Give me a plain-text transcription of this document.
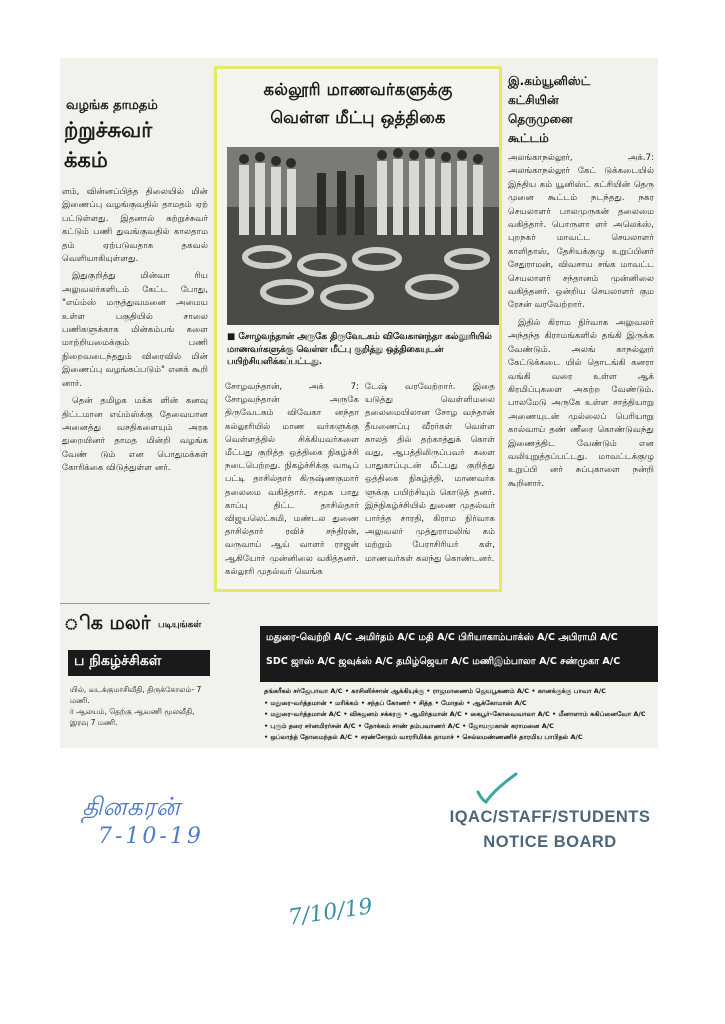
வழங்க தாமதம்
ற்றுச்சுவர்
க்கம்

ளம், வின்னப்பித்த திலையில் மின் இணைப்பு வழங்குவதில் தாமதம் ஏற் பட்டுள்ளது. இதனால் சுற்றுச்சுவர் கட்டும் பணி துவங்குவதில் காலதாம தம் ஏற்படுவதாக தகவல் வெளியாகியுள்ளது.

இதுகுறித்து மின்வா ரிய அலுவலர்களிடம் கேட்ட போது, "எய்ம்ஸ் மருத்துவமனை அமைய உள்ள பகுதியில் சாலை பணிகளுக்காக மின்கம்பங் களை மாற்றியமைக்கும் பணி நிறைவடைந்ததும் விரைவில் மின் இணைப்பு வழங்கப்படும்" எனக் கூறி னார்.

தென் தமிழக மக்க ளின் கனவு திட்டமான எய்ம்ஸ்க்கு தேவையான அனைத்து வசதிகளையும் அரசு துறையினர் தாமத மின்றி வழங்க வேண் டும் என பொதுமக்கள் கோரிக்கை விடுத்துள்ள னர்.

ிக மலர் படியுங்கள்
ப நிகழ்ச்சிகள்
யில், வடக்குமாசிவீதி, திருக்கோலம்- 7 மணி.
ர் ஆலயம், தெற்கு ஆவணி மூலவீதி,
இரவு 7 மணி.

கல்லூரி மாணவர்களுக்கு

வெள்ள மீட்பு ஒத்திகை

■ சோழவந்தான் அருகே திருவேடகம் விவேகானந்தா கல்லூரியில் மாணவர்களுக்கு வெள்ள மீட்பு குறித்து ஒத்திகையுடன் பயிற்சியளிக்கப்பட்டது.

சோழவந்தான், அக் 7: சோழவந்தான் அருகே திருவேடகம் விவேகா னந்தா கல்லூரியில் மாண வர்களுக்கு வெள்ளத்தில் சிக்கியவர்களை மீட்பது குறித்த ஒத்திகை நிகழ்ச்சி நடைபெற்றது. நிகழ்ச்சிக்கு வாடிப் பட்டி தாசில்தார் கிருஷ்ணகுமார் தலைமை வகித்தார். சமூக பாது காப்பு திட்ட தாசில்தார் விஜயலெட்சுமி, மண்டல துணை தாசில்தார் ரவிச் சந்திரன், வருவாய் ஆய் வாளர் ராஜன் ஆகியோர் முன்னிலை வகித்தனர். கல்லூரி முதல்வர் வெங்க

டேஷ் வரவேற்றார். இதை யடுத்து வெள்ளிமலை தலைமையிலான சோழ வந்தான் தீயணைப்பு வீரர்கள் வெள்ள காலத் தில் தற்காத்துக் கொள் வது, ஆபத்திலிருப்பவர் களை பாதுகாப்புடன் மீட்பது குறித்து ஒத்திகை நிகழ்த்தி, மாணவர்க ளுக்கு பயிற்சியும் கொடுத் தனர். இந்நிகழ்ச்சியில் துணை முதல்வர் பார்த்த சாரதி, கிராம நிர்வாக அலுவலர் முத்துராமலிங் கம் மற்றும் பேராசிரியர் கள், மாணவர்கள் கலந்து கொண்டனர்.

இ.கம்யூனிஸ்ட்
கட்சியின்
தெருமுனை
கூட்டம்

அலங்காநல்லூர், அக்.7: அலங்காநல்லூர் கேட் டுக்கடையில் இந்திய கம் யூனிஸ்ட் கட்சியின் தெரு முனை கூட்டம் நடந்தது. நகர செயலாளர் பாலமுருகன் தலைமை வகித்தார். பொருளா ளர் அலெக்ஸ், புறநகர் மாவட்ட செயலாளர் காளிதாஸ், தேசியக்குழு உறுப்பினர் சேதுராமன், விவசாய சங்க மாவட்ட செயலாளர் சந்தானம் முன்னிலை வகித்தனர். ஒன்றிய செயலாளர் கும ரேசன் வரவேற்றார்.

இதில் கிராம நிர்வாக அலுவலர் அந்தந்த கிராமங்களில் தங்கி இருக்க வேண்டும். அலங் காநல்லூர் கேட்டுக்கடை யில் தொடங்கி கனரா வங்கி வரை உள்ள ஆக் கிரமிப்புகளை அகற்ற வேண்டும். பாலமேடு அருகே உள்ள சாத்தியாறு அணையுடன் முல்லைப் பெரியாறு கால்வாய் தண் ணீரை கொண்டுவந்து இணைத்திட வேண்டும் என வலியுறுத்தப்பட்டது. மாவட்டக்குழு உறுப்பி னர் சுப்புகாளை நன்றி கூறினார்.

மதுரை-வெற்றி A/C அமிர்தம் A/C மதி A/C பிரியாகாம்பாக்ஸ் A/C அபிராமி A/C
SDC ஜாஸ் A/C ஜவுக்ஸ் A/C தமிழ்ஜெயா A/C மணிஇம்பாலா A/C சண்முகா A/C
தங்கரீகல் சர்ஜேபாவா A/C • காசினிச்சான் ஆக்கியுக்கு • ராஜமாணைம் ஜெயபூகணம் A/C • கானக்குக்கு பாவா A/C
• மதுரை-வர்த்தமான் • மரிக்கம் • சந்தப் கோணர் • சித்த • மோதல் • ஆக்கோமான் A/C
• மதுரை-வர்த்தமான் A/C • விசுஜனம் சக்கரகு • ஆமிர்தமான் A/C • கைபூர்-கோவைவாலா A/C • மீனாளாம் ககிப்னைவோ A/C
• புரும் தரை சர்னமிரர்சன் A/C • தோக்கம் சாண் தம்பவாணர் A/C • ஜோயமூகான் கராமனை A/C
• ஒப்லாந்த் தோமைந்தல் A/C • சரண்சோதம் வாரரிமிக்க தாமாச் • செல்லமண்ணணிச் தாரமிய பாபிதல் A/C
தினகரன்
7-10-19
IQAC/STAFF/STUDENTS
NOTICE BOARD
7/10/19
